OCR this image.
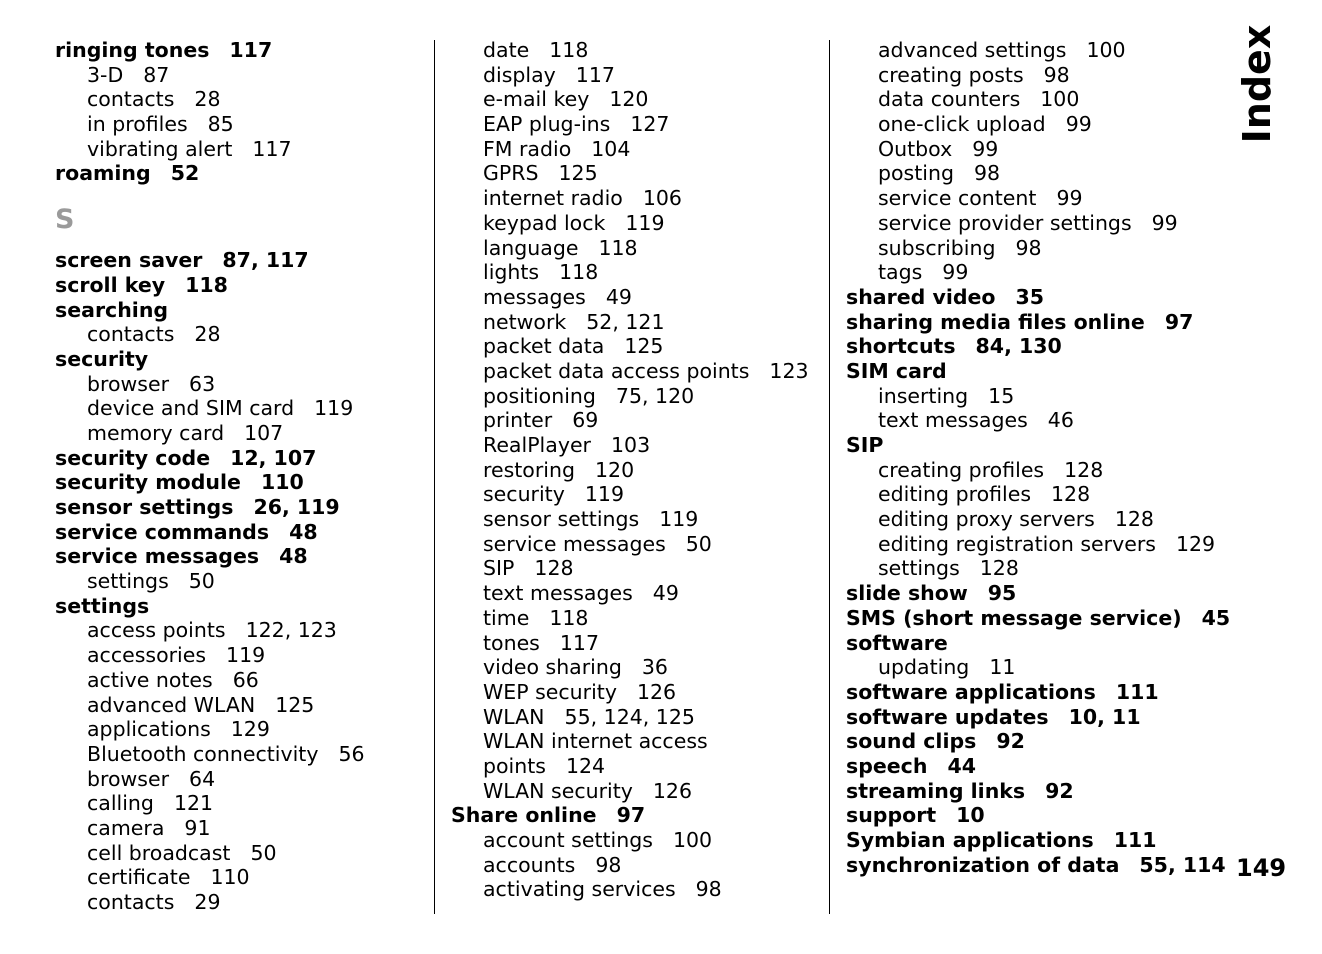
ringing tones 117
3-D 87
contacts 28
in profiles 85
vibrating alert 117
roaming 52
S
screen saver 87, 117
scroll key 118
searching
contacts 28
security
browser 63
device and SIM card 119
memory card 107
security code 12, 107
security module 110
sensor settings 26, 119
service commands 48
service messages 48
settings 50
settings
access points 122, 123
accessories 119
active notes 66
advanced WLAN 125
applications 129
Bluetooth connectivity 56
browser 64
calling 121
camera 91
cell broadcast 50
certificate 110
contacts 29
date 118
display 117
e-mail key 120
EAP plug-ins 127
FM radio 104
GPRS 125
internet radio 106
keypad lock 119
language 118
lights 118
messages 49
network 52, 121
packet data 125
packet data access points 123
positioning 75, 120
printer 69
RealPlayer 103
restoring 120
security 119
sensor settings 119
service messages 50
SIP 128
text messages 49
time 118
tones 117
video sharing 36
WEP security 126
WLAN 55, 124, 125
WLAN internet access
points 124
WLAN security 126
Share online 97
account settings 100
accounts 98
activating services 98
advanced settings 100
creating posts 98
data counters 100
one-click upload 99
Outbox 99
posting 98
service content 99
service provider settings 99
subscribing 98
tags 99
shared video 35
sharing media files online 97
shortcuts 84, 130
SIM card
inserting 15
text messages 46
SIP
creating profiles 128
editing profiles 128
editing proxy servers 128
editing registration servers 129
settings 128
slide show 95
SMS (short message service) 45
software
updating 11
software applications 111
software updates 10, 11
sound clips 92
speech 44
streaming links 92
support 10
Symbian applications 111
synchronization of data 55, 114
Index
149
